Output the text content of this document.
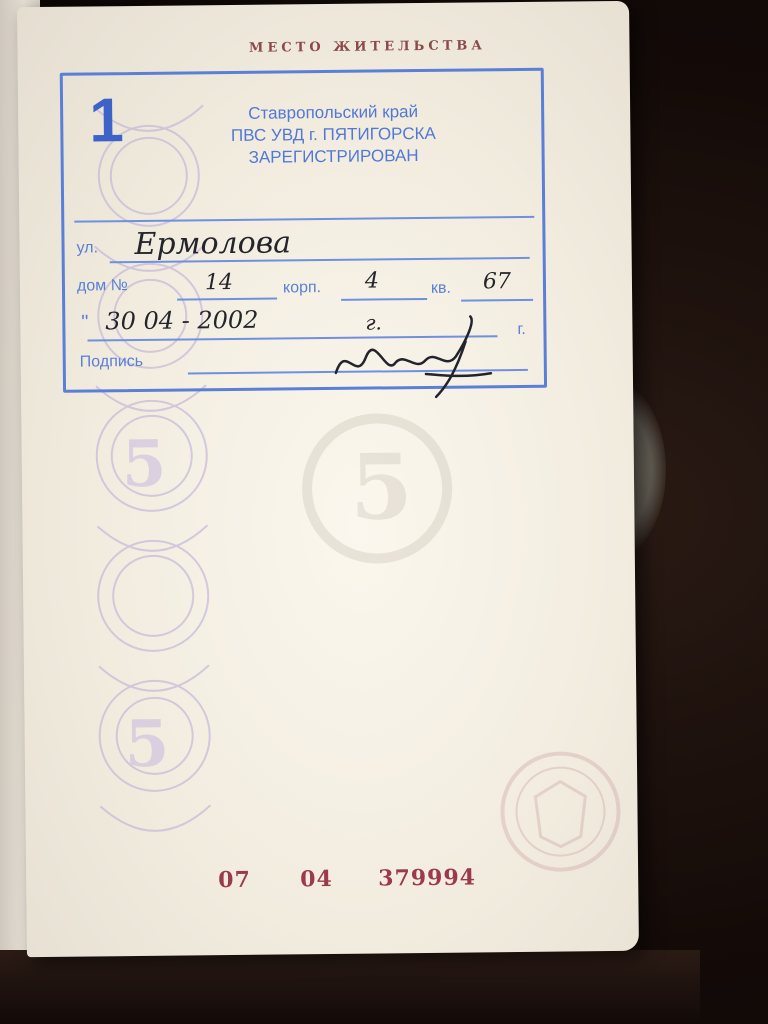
5
5
5
МЕСТО ЖИТЕЛЬСТВА
1	Ставропольский край
ПВС УВД г. ПЯТИГОРСКА
ЗАРЕГИСТРИРОВАН
ул. Ермолова
дом №	14	корп. 4	кв. 67
" 30 04 - 2002	г.	г.
Подпись
07 04 379994
